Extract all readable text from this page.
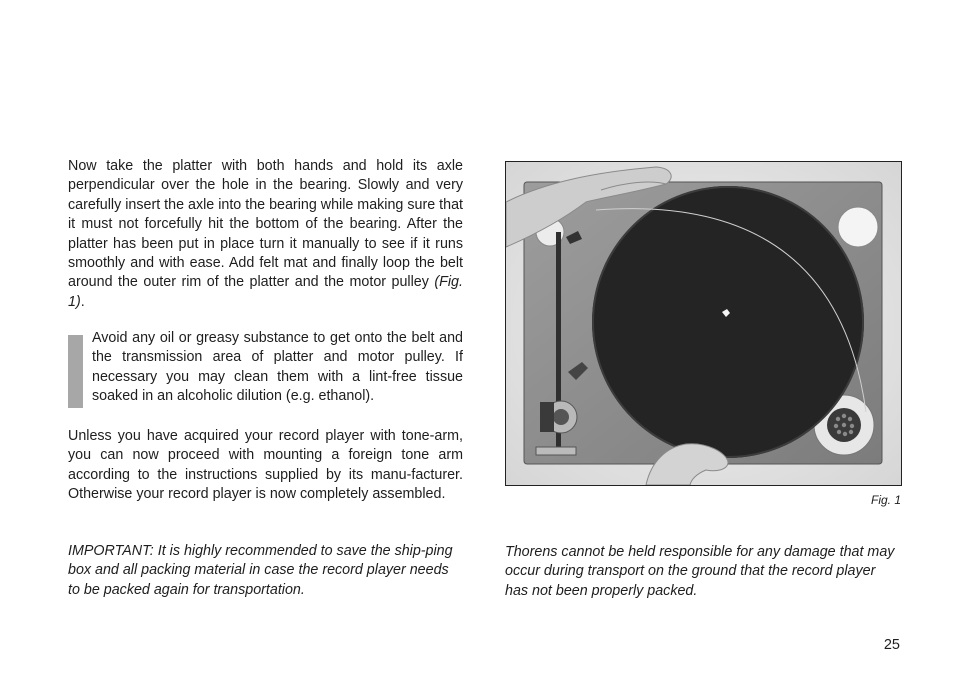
Now take the platter with both hands and hold its axle perpendicular over the hole in the bearing. Slowly and very carefully insert the axle into the bearing while making sure that it must not forcefully hit the bottom of the bearing. After the platter has been put in place turn it manually to see if it runs smoothly and with ease. Add felt mat and finally loop the belt around the outer rim of the platter and the motor pulley (Fig. 1).

Avoid any oil or greasy substance to get onto the belt and the transmission area of platter and motor pulley. If necessary you may clean them with a lint-free tissue soaked in an alcoholic dilution (e.g. ethanol).

Unless you have acquired your record player with tone-arm, you can now proceed with mounting a foreign tone arm according to the instructions supplied by its manu-facturer. Otherwise your record player is now completely assembled.

IMPORTANT: It is highly recommended to save the ship-ping box and all packing material in case the record player needs to be packed again for transportation.

Thorens cannot be held responsible for any damage that may occur during transport on the ground that the record player has not been properly packed.

Fig. 1
25
